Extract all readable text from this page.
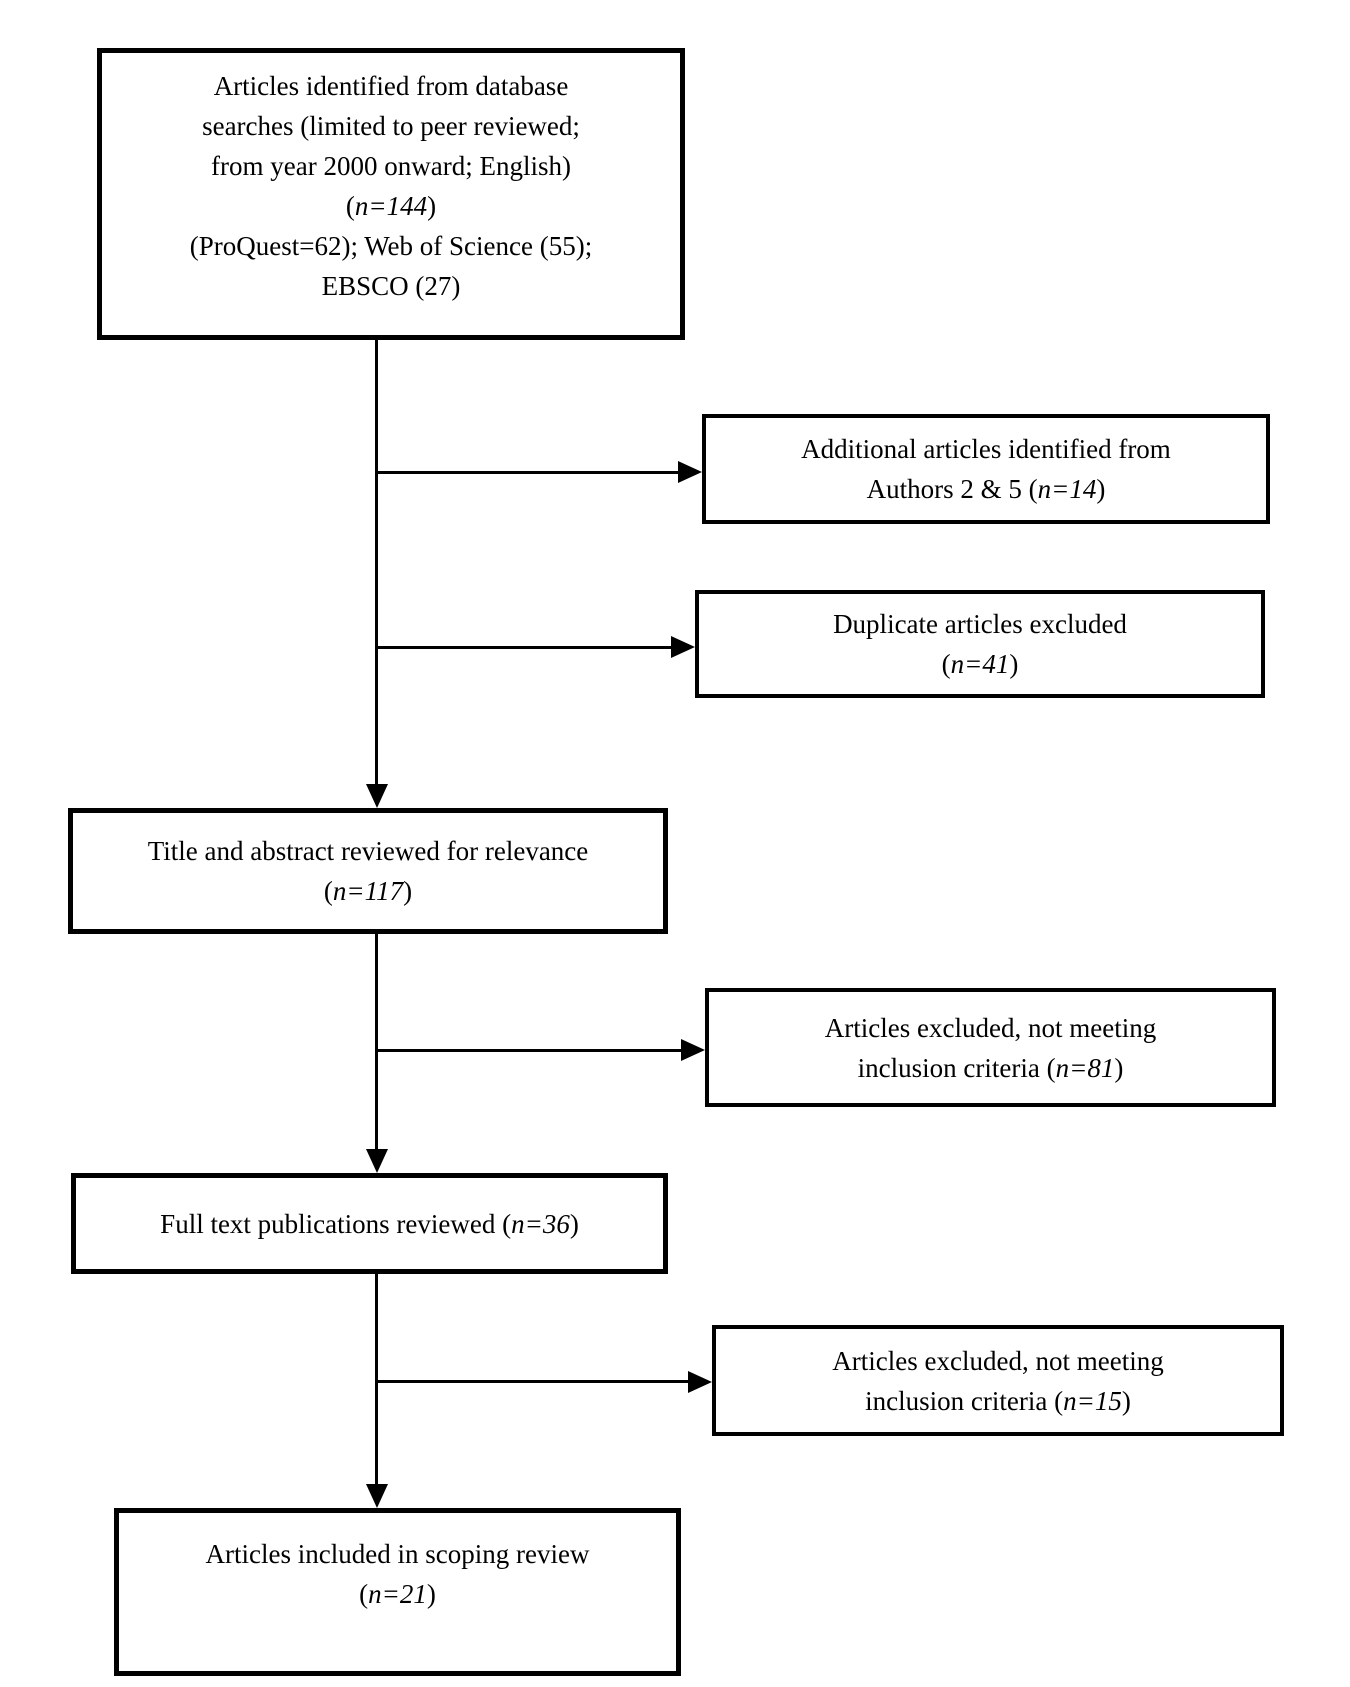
Articles identified from database
searches (limited to peer reviewed;
from year 2000 onward; English)
(n=144)
(ProQuest=62); Web of Science (55);
EBSCO (27)
Additional articles identified from
Authors 2 & 5 (n=14)
Duplicate articles excluded
(n=41)
Title and abstract reviewed for relevance
(n=117)
Articles excluded, not meeting
inclusion criteria (n=81)
Full text publications reviewed (n=36)
Articles excluded, not meeting
inclusion criteria (n=15)
Articles included in scoping review
(n=21)
